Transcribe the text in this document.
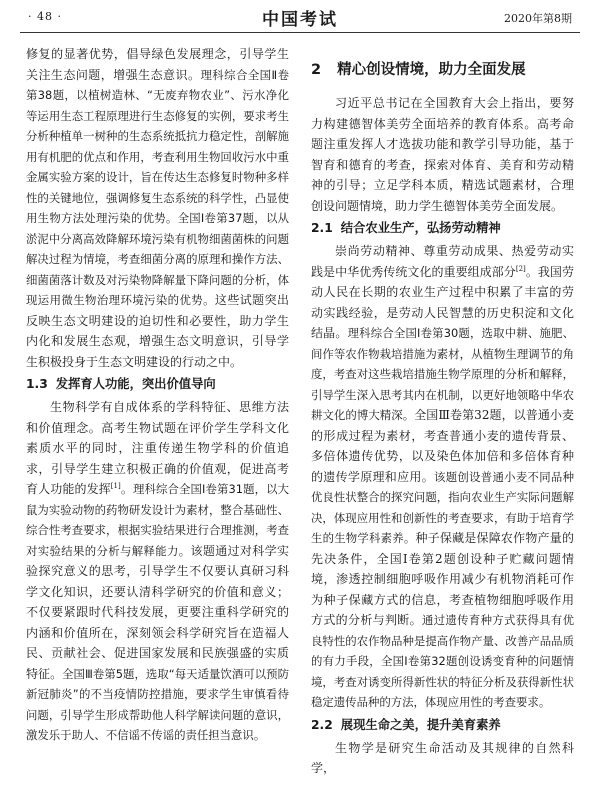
· 48 ·	中国考试	2020年第8期

修复的显著优势，倡导绿色发展理念，引导学生关注生态问题，增强生态意识。理科综合全国Ⅱ卷第38题，以植树造林、“无废弃物农业”、污水净化等运用生态工程原理进行生态修复的实例，要求考生分析种植单一树种的生态系统抵抗力稳定性，剖解施用有机肥的优点和作用，考查利用生物回收污水中重金属实验方案的设计，旨在传达生态修复时物种多样性的关键地位，强调修复生态系统的科学性，凸显使用生物方法处理污染的优势。全国Ⅰ卷第37题，以从淤泥中分离高效降解环境污染有机物细菌菌株的问题解决过程为情境，考查细菌分离的原理和操作方法、细菌菌落计数及对污染物降解量下降问题的分析，体现运用微生物治理环境污染的优势。这些试题突出反映生态文明建设的迫切性和必要性，助力学生内化和发展生态观，增强生态文明意识，引导学生积极投身于生态文明建设的行动之中。

1.3 发挥育人功能，突出价值导向

生物科学有自成体系的学科特征、思维方法和价值理念。高考生物试题在评价学生学科文化素质水平的同时，注重传递生物学科的价值追求，引导学生建立积极正确的价值观，促进高考育人功能的发挥[1]。理科综合全国Ⅰ卷第31题，以大鼠为实验动物的药物研发设计为素材，整合基础性、综合性考查要求，根据实验结果进行合理推测，考查对实验结果的分析与解释能力。该题通过对科学实验探究意义的思考，引导学生不仅要认真研习科学文化知识，还要认清科学研究的价值和意义；不仅要紧跟时代科技发展，更要注重科学研究的内涵和价值所在，深刻领会科学研究旨在造福人民、贡献社会、促进国家发展和民族强盛的实质特征。全国Ⅲ卷第5题，选取“每天适量饮酒可以预防新冠肺炎”的不当疫情防控措施，要求学生审慎看待问题，引导学生形成帮助他人科学解读问题的意识，激发乐于助人、不信谣不传谣的责任担当意识。

2 精心创设情境，助力全面发展

习近平总书记在全国教育大会上指出，要努力构建德智体美劳全面培养的教育体系。高考命题注重发挥人才选拔功能和教学引导功能，基于智育和德育的考查，探索对体育、美育和劳动精神的引导；立足学科本质，精选试题素材，合理创设问题情境，助力学生德智体美劳全面发展。

2.1 结合农业生产，弘扬劳动精神

崇尚劳动精神、尊重劳动成果、热爱劳动实践是中华优秀传统文化的重要组成部分[2]。我国劳动人民在长期的农业生产过程中积累了丰富的劳动实践经验，是劳动人民智慧的历史积淀和文化结晶。理科综合全国Ⅰ卷第30题，选取中耕、施肥、间作等农作物栽培措施为素材，从植物生理调节的角度，考查对这些栽培措施生物学原理的分析和解释，引导学生深入思考其内在机制，以更好地领略中华农耕文化的博大精深。全国Ⅲ卷第32题，以普通小麦的形成过程为素材，考查普通小麦的遗传背景、多倍体遗传优势，以及染色体加倍和多倍体育种的遗传学原理和应用。该题创设普通小麦不同品种优良性状整合的探究问题，指向农业生产实际问题解决，体现应用性和创新性的考查要求，有助于培育学生的生物学科素养。种子保藏是保障农作物产量的先决条件，全国Ⅰ卷第2题创设种子贮藏问题情境，渗透控制细胞呼吸作用减少有机物消耗可作为种子保藏方式的信息，考查植物细胞呼吸作用方式的分析与判断。通过遗传育种方式获得具有优良特性的农作物品种是提高作物产量、改善产品品质的有力手段，全国Ⅰ卷第32题创设诱变育种的问题情境，考查对诱变所得新性状的特征分析及获得新性状稳定遗传品种的方法，体现应用性的考查要求。

2.2 展现生命之美，提升美育素养

生物学是研究生命活动及其规律的自然科学，
